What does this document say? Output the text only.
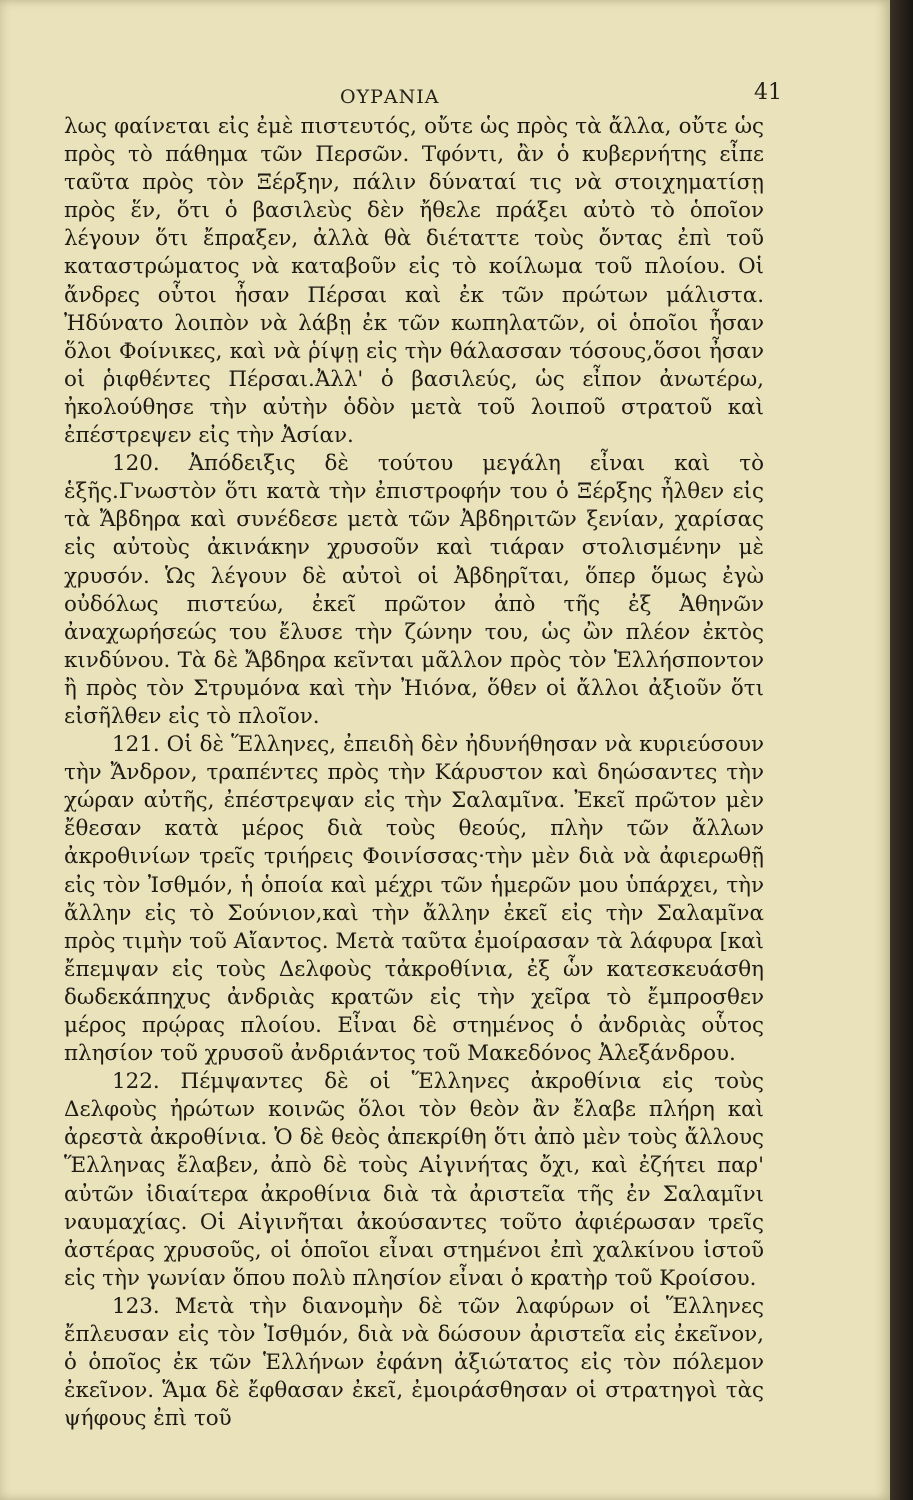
ΟΥΡΑΝΙΑ	41

λως φαίνεται εἰς ἐμὲ πιστευτός, οὔτε ὡς πρὸς τὰ ἄλλα, οὔτε ὡς πρὸς τὸ πάθημα τῶν Περσῶν. Τφόντι, ἂν ὁ κυβερνήτης εἶπε ταῦτα πρὸς τὸν Ξέρξην, πάλιν δύναταί τις νὰ στοιχηματίσῃ πρὸς ἕν, ὅτι ὁ βασιλεὺς δὲν ἤθελε πράξει αὐτὸ τὸ ὁποῖον λέγουν ὅτι ἔπραξεν, ἀλλὰ θὰ διέταττε τοὺς ὄντας ἐπὶ τοῦ καταστρώματος νὰ καταβοῦν εἰς τὸ κοίλωμα τοῦ πλοίου. Οἱ ἄνδρες οὗτοι ἦσαν Πέρσαι καὶ ἐκ τῶν πρώτων μάλιστα. Ἠδύνατο λοιπὸν νὰ λάβῃ ἐκ τῶν κωπηλατῶν, οἱ ὁποῖοι ἦσαν ὅλοι Φοίνικες, καὶ νὰ ῥίψῃ εἰς τὴν θάλασσαν τόσους,ὅσοι ἦσαν οἱ ῥιφθέντες Πέρσαι.Ἀλλ' ὁ βασιλεύς, ὡς εἶπον ἀνωτέρω, ἠκολούθησε τὴν αὐτὴν ὁδὸν μετὰ τοῦ λοιποῦ στρατοῦ καὶ ἐπέστρεψεν εἰς τὴν Ἀσίαν.

120. Ἀπόδειξις δὲ τούτου μεγάλη εἶναι καὶ τὸ ἑξῆς.Γνωστὸν ὅτι κατὰ τὴν ἐπιστροφήν του ὁ Ξέρξης ἦλθεν εἰς τὰ Ἄβδηρα καὶ συνέδεσε μετὰ τῶν Ἀβδηριτῶν ξενίαν, χαρίσας εἰς αὐτοὺς ἀκινάκην χρυσοῦν καὶ τιάραν στολισμένην μὲ χρυσόν. Ὡς λέγουν δὲ αὐτοὶ οἱ Ἀβδηρῖται, ὅπερ ὅμως ἐγὼ οὐδόλως πιστεύω, ἐκεῖ πρῶτον ἀπὸ τῆς ἐξ Ἀθηνῶν ἀναχωρήσεώς του ἔλυσε τὴν ζώνην του, ὡς ὢν πλέον ἐκτὸς κινδύνου. Τὰ δὲ Ἄβδηρα κεῖνται μᾶλλον πρὸς τὸν Ἑλλήσποντον ἢ πρὸς τὸν Στρυμόνα καὶ τὴν Ἠιόνα, ὅθεν οἱ ἄλλοι ἀξιοῦν ὅτι εἰσῆλθεν εἰς τὸ πλοῖον.

121. Οἱ δὲ Ἕλληνες, ἐπειδὴ δὲν ἠδυνήθησαν νὰ κυριεύσουν τὴν Ἄνδρον, τραπέντες πρὸς τὴν Κάρυστον καὶ δηώσαντες τὴν χώραν αὐτῆς, ἐπέστρεψαν εἰς τὴν Σαλαμῖνα. Ἐκεῖ πρῶτον μὲν ἔθεσαν κατὰ μέρος διὰ τοὺς θεούς, πλὴν τῶν ἄλλων ἀκροθινίων τρεῖς τριήρεις Φοινίσσας·τὴν μὲν διὰ νὰ ἀφιερωθῇ εἰς τὸν Ἰσθμόν, ἡ ὁποία καὶ μέχρι τῶν ἡμερῶν μου ὑπάρχει, τὴν ἄλλην εἰς τὸ Σούνιον,καὶ τὴν ἄλλην ἐκεῖ εἰς τὴν Σαλαμῖνα πρὸς τιμὴν τοῦ Αἴαντος. Μετὰ ταῦτα ἐμοίρασαν τὰ λάφυρα [καὶ ἔπεμψαν εἰς τοὺς Δελφοὺς τἀκροθίνια, ἐξ ὧν κατεσκευάσθη δωδεκάπηχυς ἀνδριὰς κρατῶν εἰς τὴν χεῖρα τὸ ἔμπροσθεν μέρος πρῴρας πλοίου. Εἶναι δὲ στημένος ὁ ἀνδριὰς οὗτος πλησίον τοῦ χρυσοῦ ἀνδριάντος τοῦ Μακεδόνος Ἀλεξάνδρου.

122. Πέμψαντες δὲ οἱ Ἕλληνες ἀκροθίνια εἰς τοὺς Δελφοὺς ἠρώτων κοινῶς ὅλοι τὸν θεὸν ἂν ἔλαβε πλήρη καὶ ἀρεστὰ ἀκροθίνια. Ὁ δὲ θεὸς ἀπεκρίθη ὅτι ἀπὸ μὲν τοὺς ἄλλους Ἕλληνας ἔλαβεν, ἀπὸ δὲ τοὺς Αἰγινήτας ὄχι, καὶ ἐζήτει παρ' αὐτῶν ἰδιαίτερα ἀκροθίνια διὰ τὰ ἀριστεῖα τῆς ἐν Σαλαμῖνι ναυμαχίας. Οἱ Αἰγινῆται ἀκούσαντες τοῦτο ἀφιέρωσαν τρεῖς ἀστέρας χρυσοῦς, οἱ ὁποῖοι εἶναι στημένοι ἐπὶ χαλκίνου ἱστοῦ εἰς τὴν γωνίαν ὅπου πολὺ πλησίον εἶναι ὁ κρατὴρ τοῦ Κροίσου.

123. Μετὰ τὴν διανομὴν δὲ τῶν λαφύρων οἱ Ἕλληνες ἔπλευσαν εἰς τὸν Ἰσθμόν, διὰ νὰ δώσουν ἀριστεῖα εἰς ἐκεῖνον, ὁ ὁποῖος ἐκ τῶν Ἑλλήνων ἐφάνη ἀξιώτατος εἰς τὸν πόλεμον ἐκεῖνον. Ἅμα δὲ ἔφθασαν ἐκεῖ, ἐμοιράσθησαν οἱ στρατηγοὶ τὰς ψήφους ἐπὶ τοῦ
